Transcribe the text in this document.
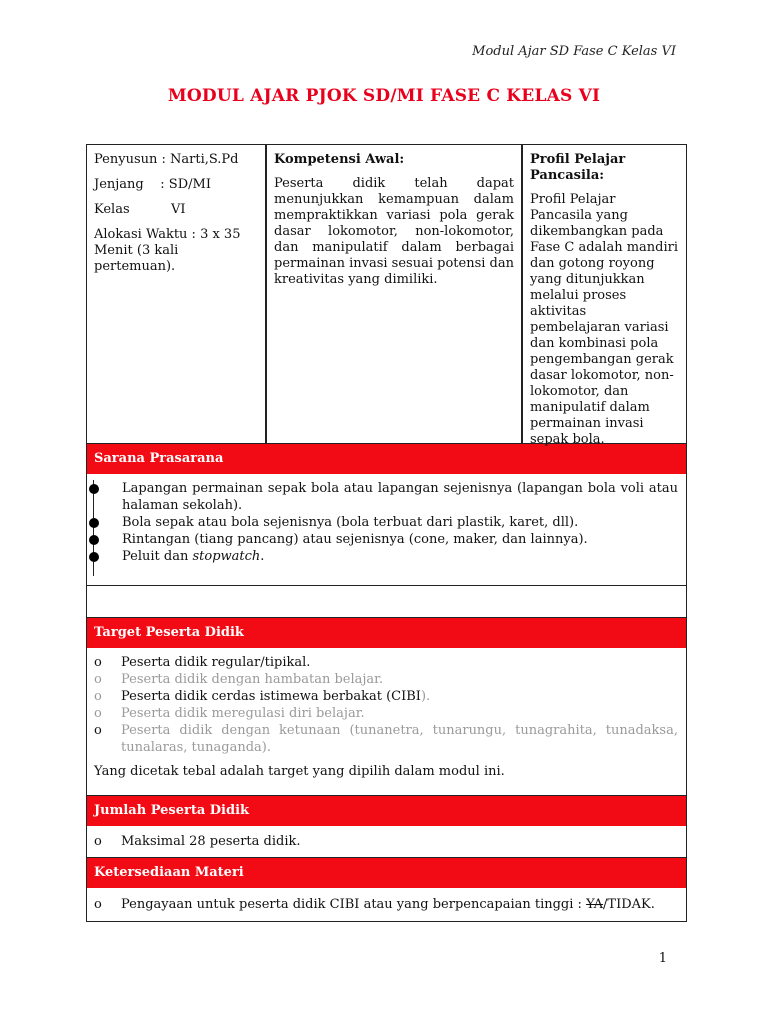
Modul Ajar SD Fase C Kelas VI
MODUL AJAR PJOK SD/MI FASE C KELAS VI

Penyusun : Narti,S.Pd

Jenjang    : SD/MI

Kelas          VI

Alokasi Waktu : 3 x 35 Menit (3 kali pertemuan).

Kompetensi Awal:

Peserta didik telah dapat menunjukkan kemampuan dalam mempraktikkan variasi pola gerak dasar lokomotor, non-lokomotor, dan manipulatif dalam berbagai permainan invasi sesuai potensi dan kreativitas yang dimiliki.

Profil Pelajar Pancasila:

Profil Pelajar Pancasila yang dikembangkan pada Fase C adalah mandiri dan gotong royong yang ditunjukkan melalui proses aktivitas pembelajaran variasi dan kombinasi pola pengembangan gerak dasar lokomotor, non-lokomotor, dan manipulatif dalam permainan invasi sepak bola.

Sarana Prasarana
Lapangan permainan sepak bola atau lapangan sejenisnya (lapangan bola voli atau halaman sekolah).
Bola sepak atau bola sejenisnya (bola terbuat dari plastik, karet, dll).
Rintangan (tiang pancang) atau sejenisnya (cone, maker, dan lainnya).
Peluit dan stopwatch.
Target Peserta Didik
o	Peserta didik regular/tipikal.
o	Peserta didik dengan hambatan belajar.
o	Peserta didik cerdas istimewa berbakat (CIBI).
o	Peserta didik meregulasi diri belajar.
o	Peserta didik dengan ketunaan (tunanetra, tunarungu, tunagrahita, tunadaksa, tunalaras, tunaganda).
Yang dicetak tebal adalah target yang dipilih dalam modul ini.
Jumlah Peserta Didik
o	Maksimal 28 peserta didik.
Ketersediaan Materi
o	Pengayaan untuk peserta didik CIBI atau yang berpencapaian tinggi : YA/TIDAK.
1
